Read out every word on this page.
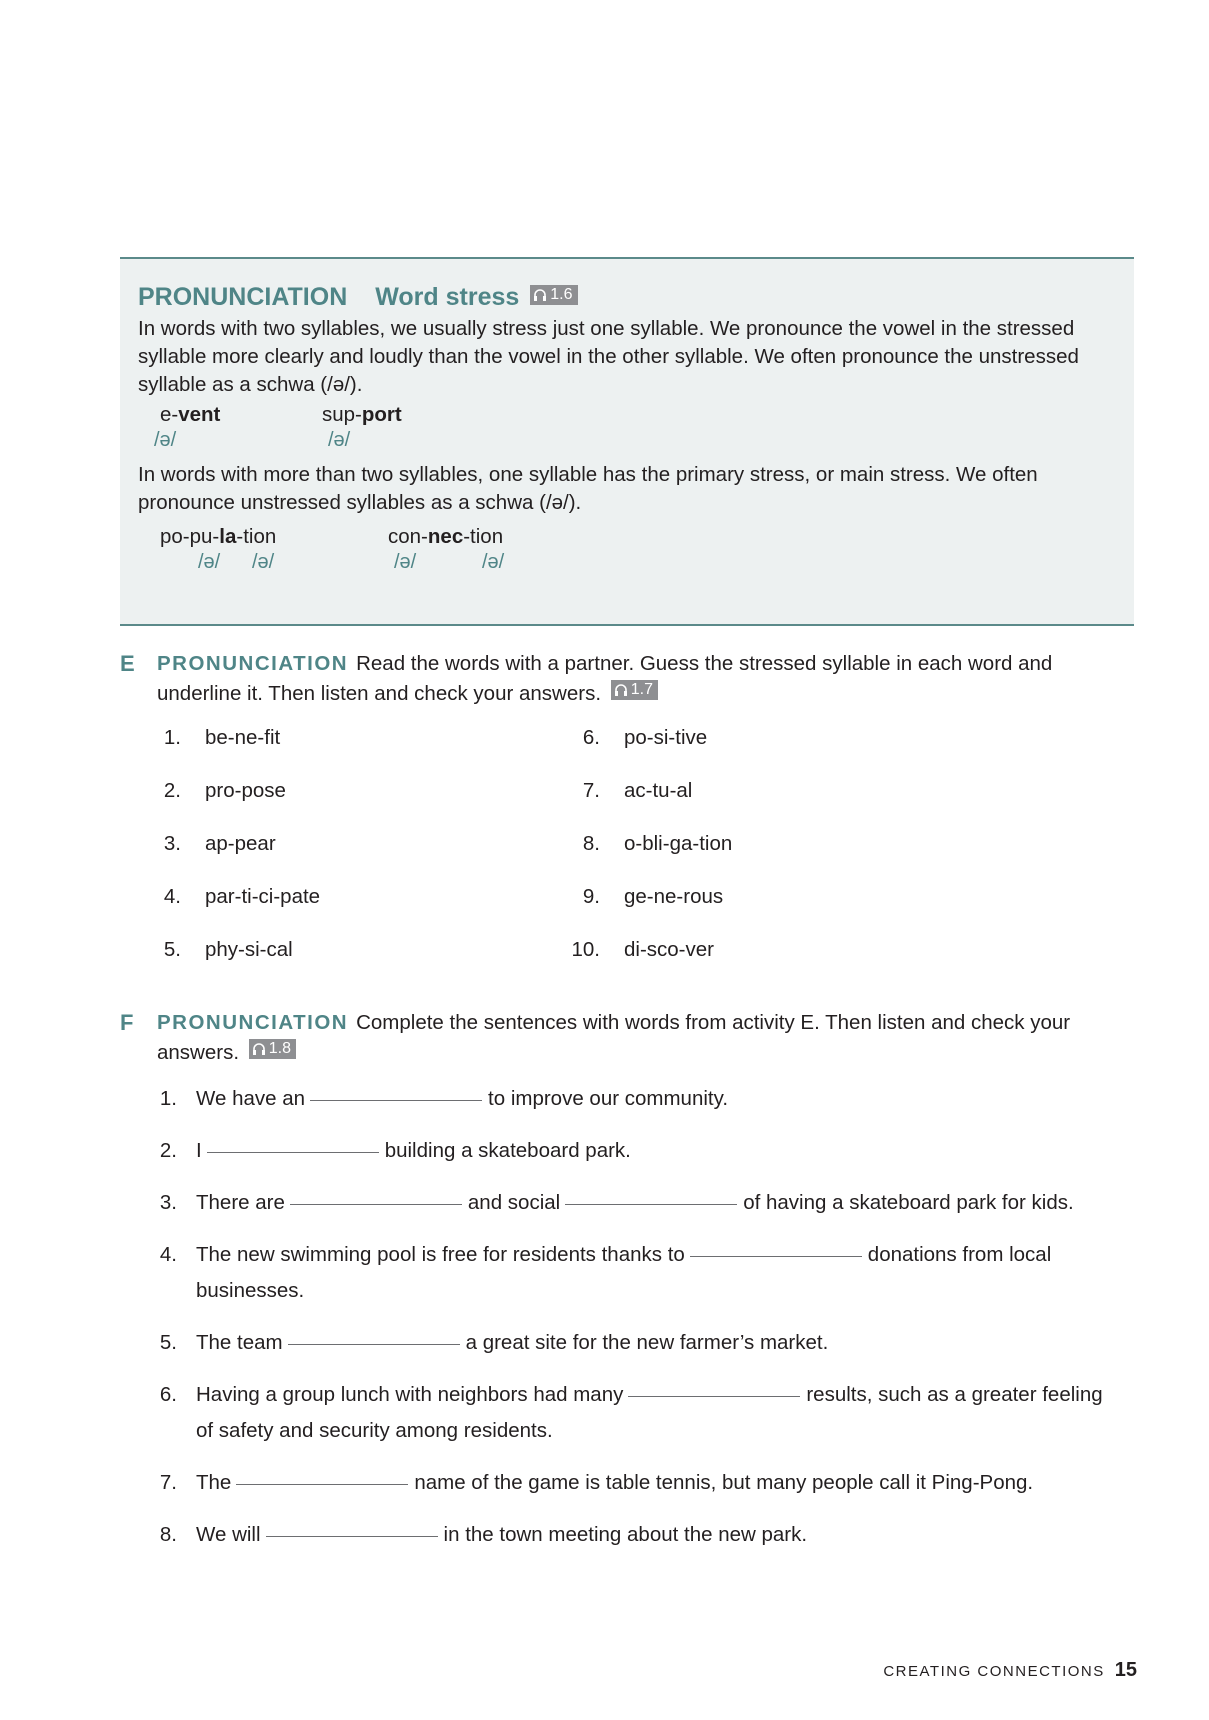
PRONUNCIATION Word stress 1.6
In words with two syllables, we usually stress just one syllable. We pronounce the vowel in the stressed syllable more clearly and loudly than the vowel in the other syllable. We often pronounce the unstressed syllable as a schwa (/ə/).
e-vent
/ə/
sup-port
/ə/
In words with more than two syllables, one syllable has the primary stress, or main stress. We often pronounce unstressed syllables as a schwa (/ə/).
po-pu-la-tion
/ə/ /ə/
con-nec-tion
/ə/	/ə/
E PRONUNCIATION Read the words with a partner. Guess the stressed syllable in each word and underline it. Then listen and check your answers. 1.7
1. be-ne-fit
2. pro-pose
3. ap-pear
4. par-ti-ci-pate
5. phy-si-cal
6. po-si-tive
7. ac-tu-al
8. o-bli-ga-tion
9. ge-ne-rous
10. di-sco-ver
F PRONUNCIATION Complete the sentences with words from activity E. Then listen and check your answers. 1.8
1. We have an	to improve our community.
2. I	building a skateboard park.
3. There are	and social	of having a skateboard park for kids.
4. The new swimming pool is free for residents thanks to	donations from local businesses.
5. The team	a great site for the new farmer’s market.
6. Having a group lunch with neighbors had many	results, such as a greater feeling of safety and security among residents.
7. The	name of the game is table tennis, but many people call it Ping-Pong.
8. We will	in the town meeting about the new park.
CREATING CONNECTIONS 15
